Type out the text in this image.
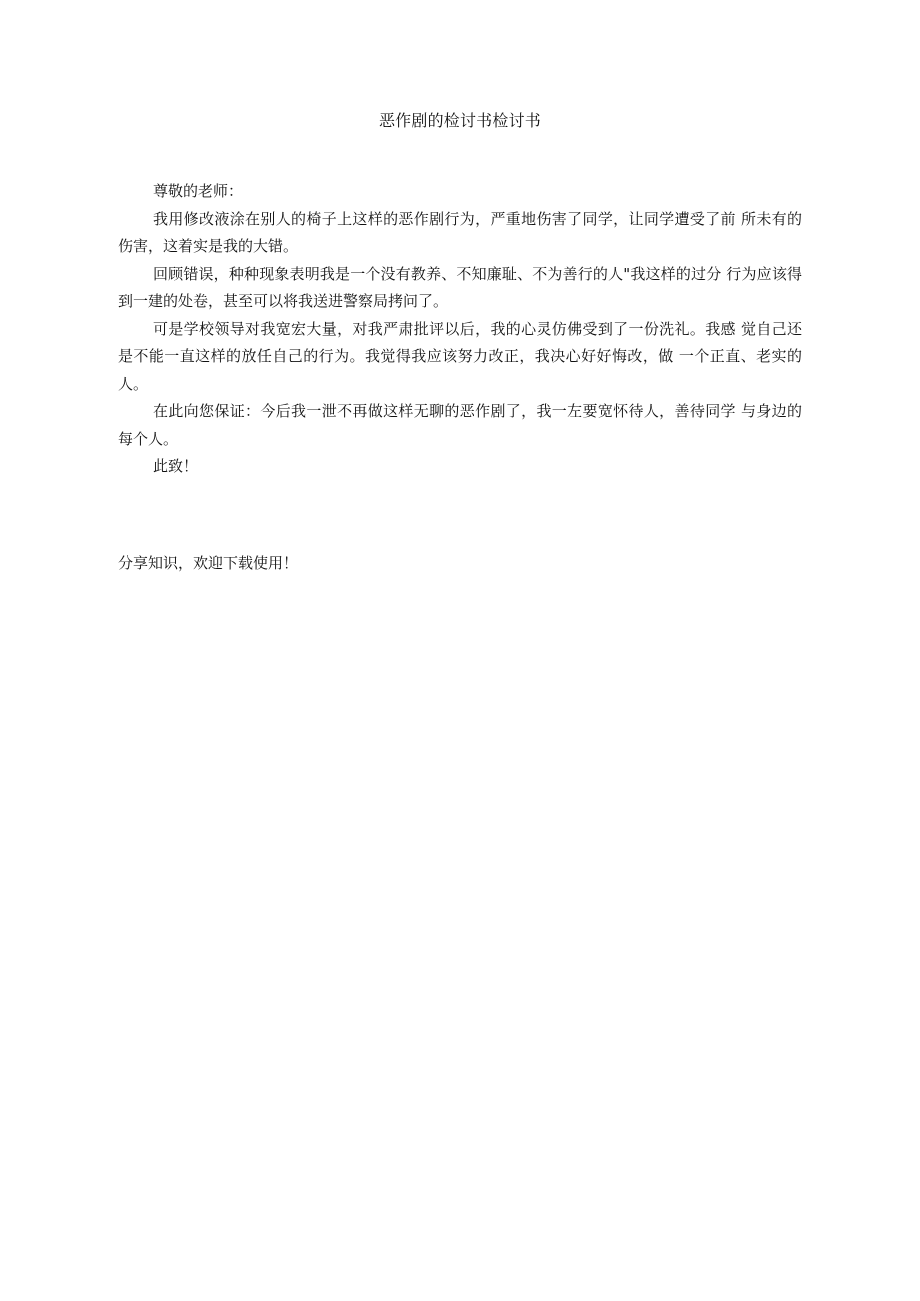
恶作剧的检讨书检讨书

尊敬的老师：

我用修改液涂在别人的椅子上这样的恶作剧行为，严重地伤害了同学，让同学遭受了前 所未有的伤害，这着实是我的大错。

回顾错误，种种现象表明我是一个没有教养、不知廉耻、不为善行的人"我这样的过分 行为应该得到一建的处卷，甚至可以将我送进警察局拷问了。

可是学校领导对我宽宏大量，对我严肃批评以后，我的心灵仿佛受到了一份洗礼。我感 觉自己还是不能一直这样的放任自己的行为。我觉得我应该努力改正，我决心好好悔改，做 一个正直、老实的人。

在此向您保证：今后我一泄不再做这样无聊的恶作剧了，我一左要宽怀待人，善待同学 与身边的每个人。

此致！

分享知识，欢迎下载使用！
